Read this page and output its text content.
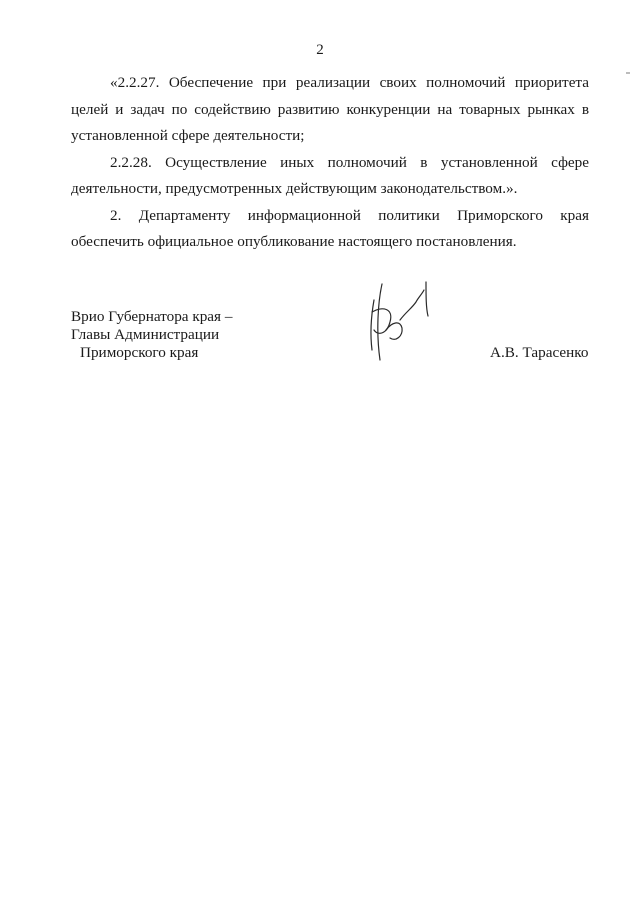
2

«2.2.27. Обеспечение при реализации своих полномочий приоритета целей и задач по содействию развитию конкуренции на товарных рынках в установленной сфере деятельности;

2.2.28. Осуществление иных полномочий в установленной сфере деятельности, предусмотренных действующим законодательством.».

2. Департаменту информационной политики Приморского края обеспечить официальное опубликование настоящего постановления.

Врио Губернатора края –
Главы Администрации
Приморского края	А.В. Тарасенко
